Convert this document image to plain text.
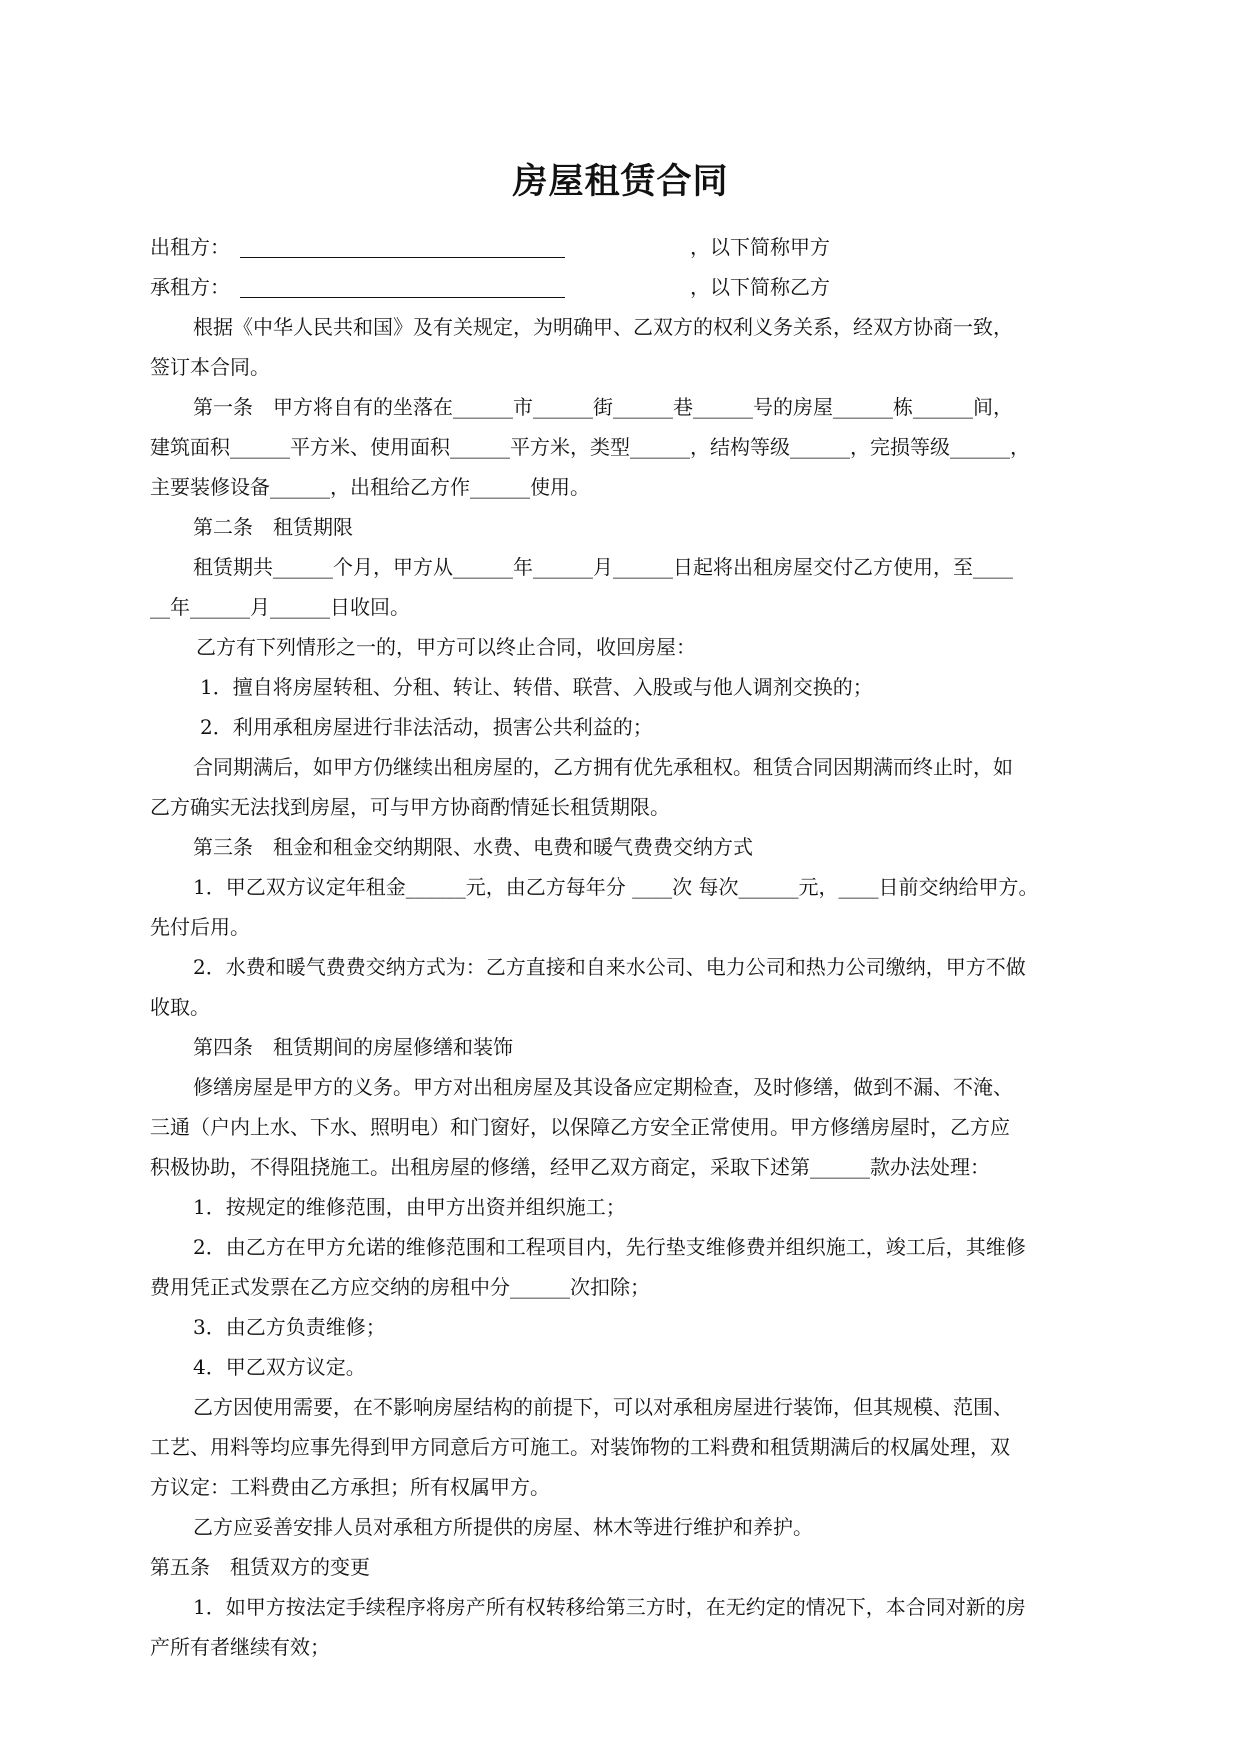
房屋租赁合同
出租方：	，以下简称甲方
承租方：	，以下简称乙方
根据《中华人民共和国》及有关规定，为明确甲、乙双方的权利义务关系，经双方协商一致，
签订本合同。
第一条　甲方将自有的坐落在______市______街______巷______号的房屋______栋______间，
建筑面积______平方米、使用面积______平方米，类型______，结构等级______，完损等级______，
主要装修设备______，出租给乙方作______使用。
第二条　租赁期限
租赁期共______个月，甲方从______年______月______日起将出租房屋交付乙方使用，至____
__年______月______日收回。
乙方有下列情形之一的，甲方可以终止合同，收回房屋：
1．擅自将房屋转租、分租、转让、转借、联营、入股或与他人调剂交换的；
2．利用承租房屋进行非法活动，损害公共利益的；
合同期满后，如甲方仍继续出租房屋的，乙方拥有优先承租权。租赁合同因期满而终止时，如
乙方确实无法找到房屋，可与甲方协商酌情延长租赁期限。
第三条　租金和租金交纳期限、水费、电费和暖气费费交纳方式
1．甲乙双方议定年租金______元，由乙方每年分 ____次 每次______元，____日前交纳给甲方。
先付后用。
2．水费和暖气费费交纳方式为：乙方直接和自来水公司、电力公司和热力公司缴纳，甲方不做
收取。
第四条　租赁期间的房屋修缮和装饰
修缮房屋是甲方的义务。甲方对出租房屋及其设备应定期检查，及时修缮，做到不漏、不淹、
三通（户内上水、下水、照明电）和门窗好，以保障乙方安全正常使用。甲方修缮房屋时，乙方应
积极协助，不得阻挠施工。出租房屋的修缮，经甲乙双方商定，采取下述第______款办法处理：
1．按规定的维修范围，由甲方出资并组织施工；
2．由乙方在甲方允诺的维修范围和工程项目内，先行垫支维修费并组织施工，竣工后，其维修
费用凭正式发票在乙方应交纳的房租中分______次扣除；
3．由乙方负责维修；
4．甲乙双方议定。
乙方因使用需要，在不影响房屋结构的前提下，可以对承租房屋进行装饰，但其规模、范围、
工艺、用料等均应事先得到甲方同意后方可施工。对装饰物的工料费和租赁期满后的权属处理，双
方议定：工料费由乙方承担；所有权属甲方。
乙方应妥善安排人员对承租方所提供的房屋、林木等进行维护和养护。
第五条　租赁双方的变更
1．如甲方按法定手续程序将房产所有权转移给第三方时，在无约定的情况下，本合同对新的房
产所有者继续有效；
